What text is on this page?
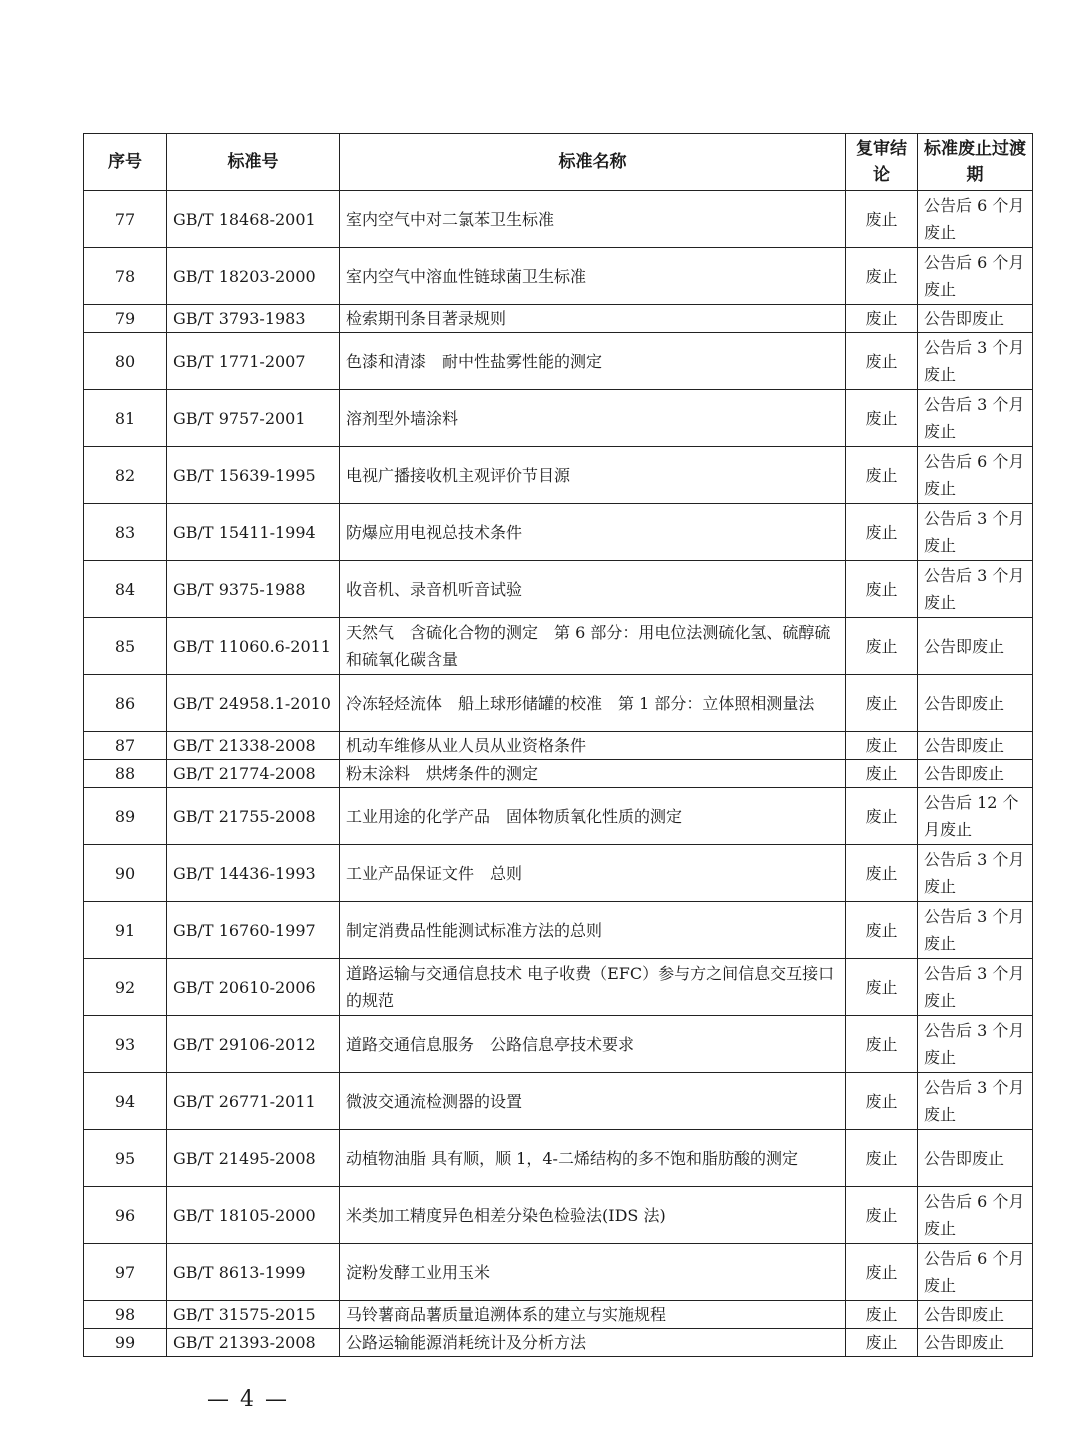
序号	标准号	标准名称	复审结论	标准废止过渡期
77	GB/T 18468-2001	室内空气中对二氯苯卫生标准	废止	公告后 6 个月废止
78	GB/T 18203-2000	室内空气中溶血性链球菌卫生标准	废止	公告后 6 个月废止
79	GB/T 3793-1983	检索期刊条目著录规则	废止	公告即废止
80	GB/T 1771-2007	色漆和清漆　耐中性盐雾性能的测定	废止	公告后 3 个月废止
81	GB/T 9757-2001	溶剂型外墙涂料	废止	公告后 3 个月废止
82	GB/T 15639-1995	电视广播接收机主观评价节目源	废止	公告后 6 个月废止
83	GB/T 15411-1994	防爆应用电视总技术条件	废止	公告后 3 个月废止
84	GB/T 9375-1988	收音机、录音机听音试验	废止	公告后 3 个月废止
85	GB/T 11060.6-2011	天然气　含硫化合物的测定　第 6 部分：用电位法测硫化氢、硫醇硫和硫氧化碳含量	废止	公告即废止
86	GB/T 24958.1-2010	冷冻轻烃流体　船上球形储罐的校准　第 1 部分：立体照相测量法	废止	公告即废止
87	GB/T 21338-2008	机动车维修从业人员从业资格条件	废止	公告即废止
88	GB/T 21774-2008	粉末涂料　烘烤条件的测定	废止	公告即废止
89	GB/T 21755-2008	工业用途的化学产品　固体物质氧化性质的测定	废止	公告后 12 个月废止
90	GB/T 14436-1993	工业产品保证文件　总则	废止	公告后 3 个月废止
91	GB/T 16760-1997	制定消费品性能测试标准方法的总则	废止	公告后 3 个月废止
92	GB/T 20610-2006	道路运输与交通信息技术 电子收费（EFC）参与方之间信息交互接口的规范	废止	公告后 3 个月废止
93	GB/T 29106-2012	道路交通信息服务　公路信息亭技术要求	废止	公告后 3 个月废止
94	GB/T 26771-2011	微波交通流检测器的设置	废止	公告后 3 个月废止
95	GB/T 21495-2008	动植物油脂 具有顺，顺 1，4-二烯结构的多不饱和脂肪酸的测定	废止	公告即废止
96	GB/T 18105-2000	米类加工精度异色相差分染色检验法(IDS 法)	废止	公告后 6 个月废止
97	GB/T 8613-1999	淀粉发酵工业用玉米	废止	公告后 6 个月废止
98	GB/T 31575-2015	马铃薯商品薯质量追溯体系的建立与实施规程	废止	公告即废止
99	GB/T 21393-2008	公路运输能源消耗统计及分析方法	废止	公告即废止
— 4 —
